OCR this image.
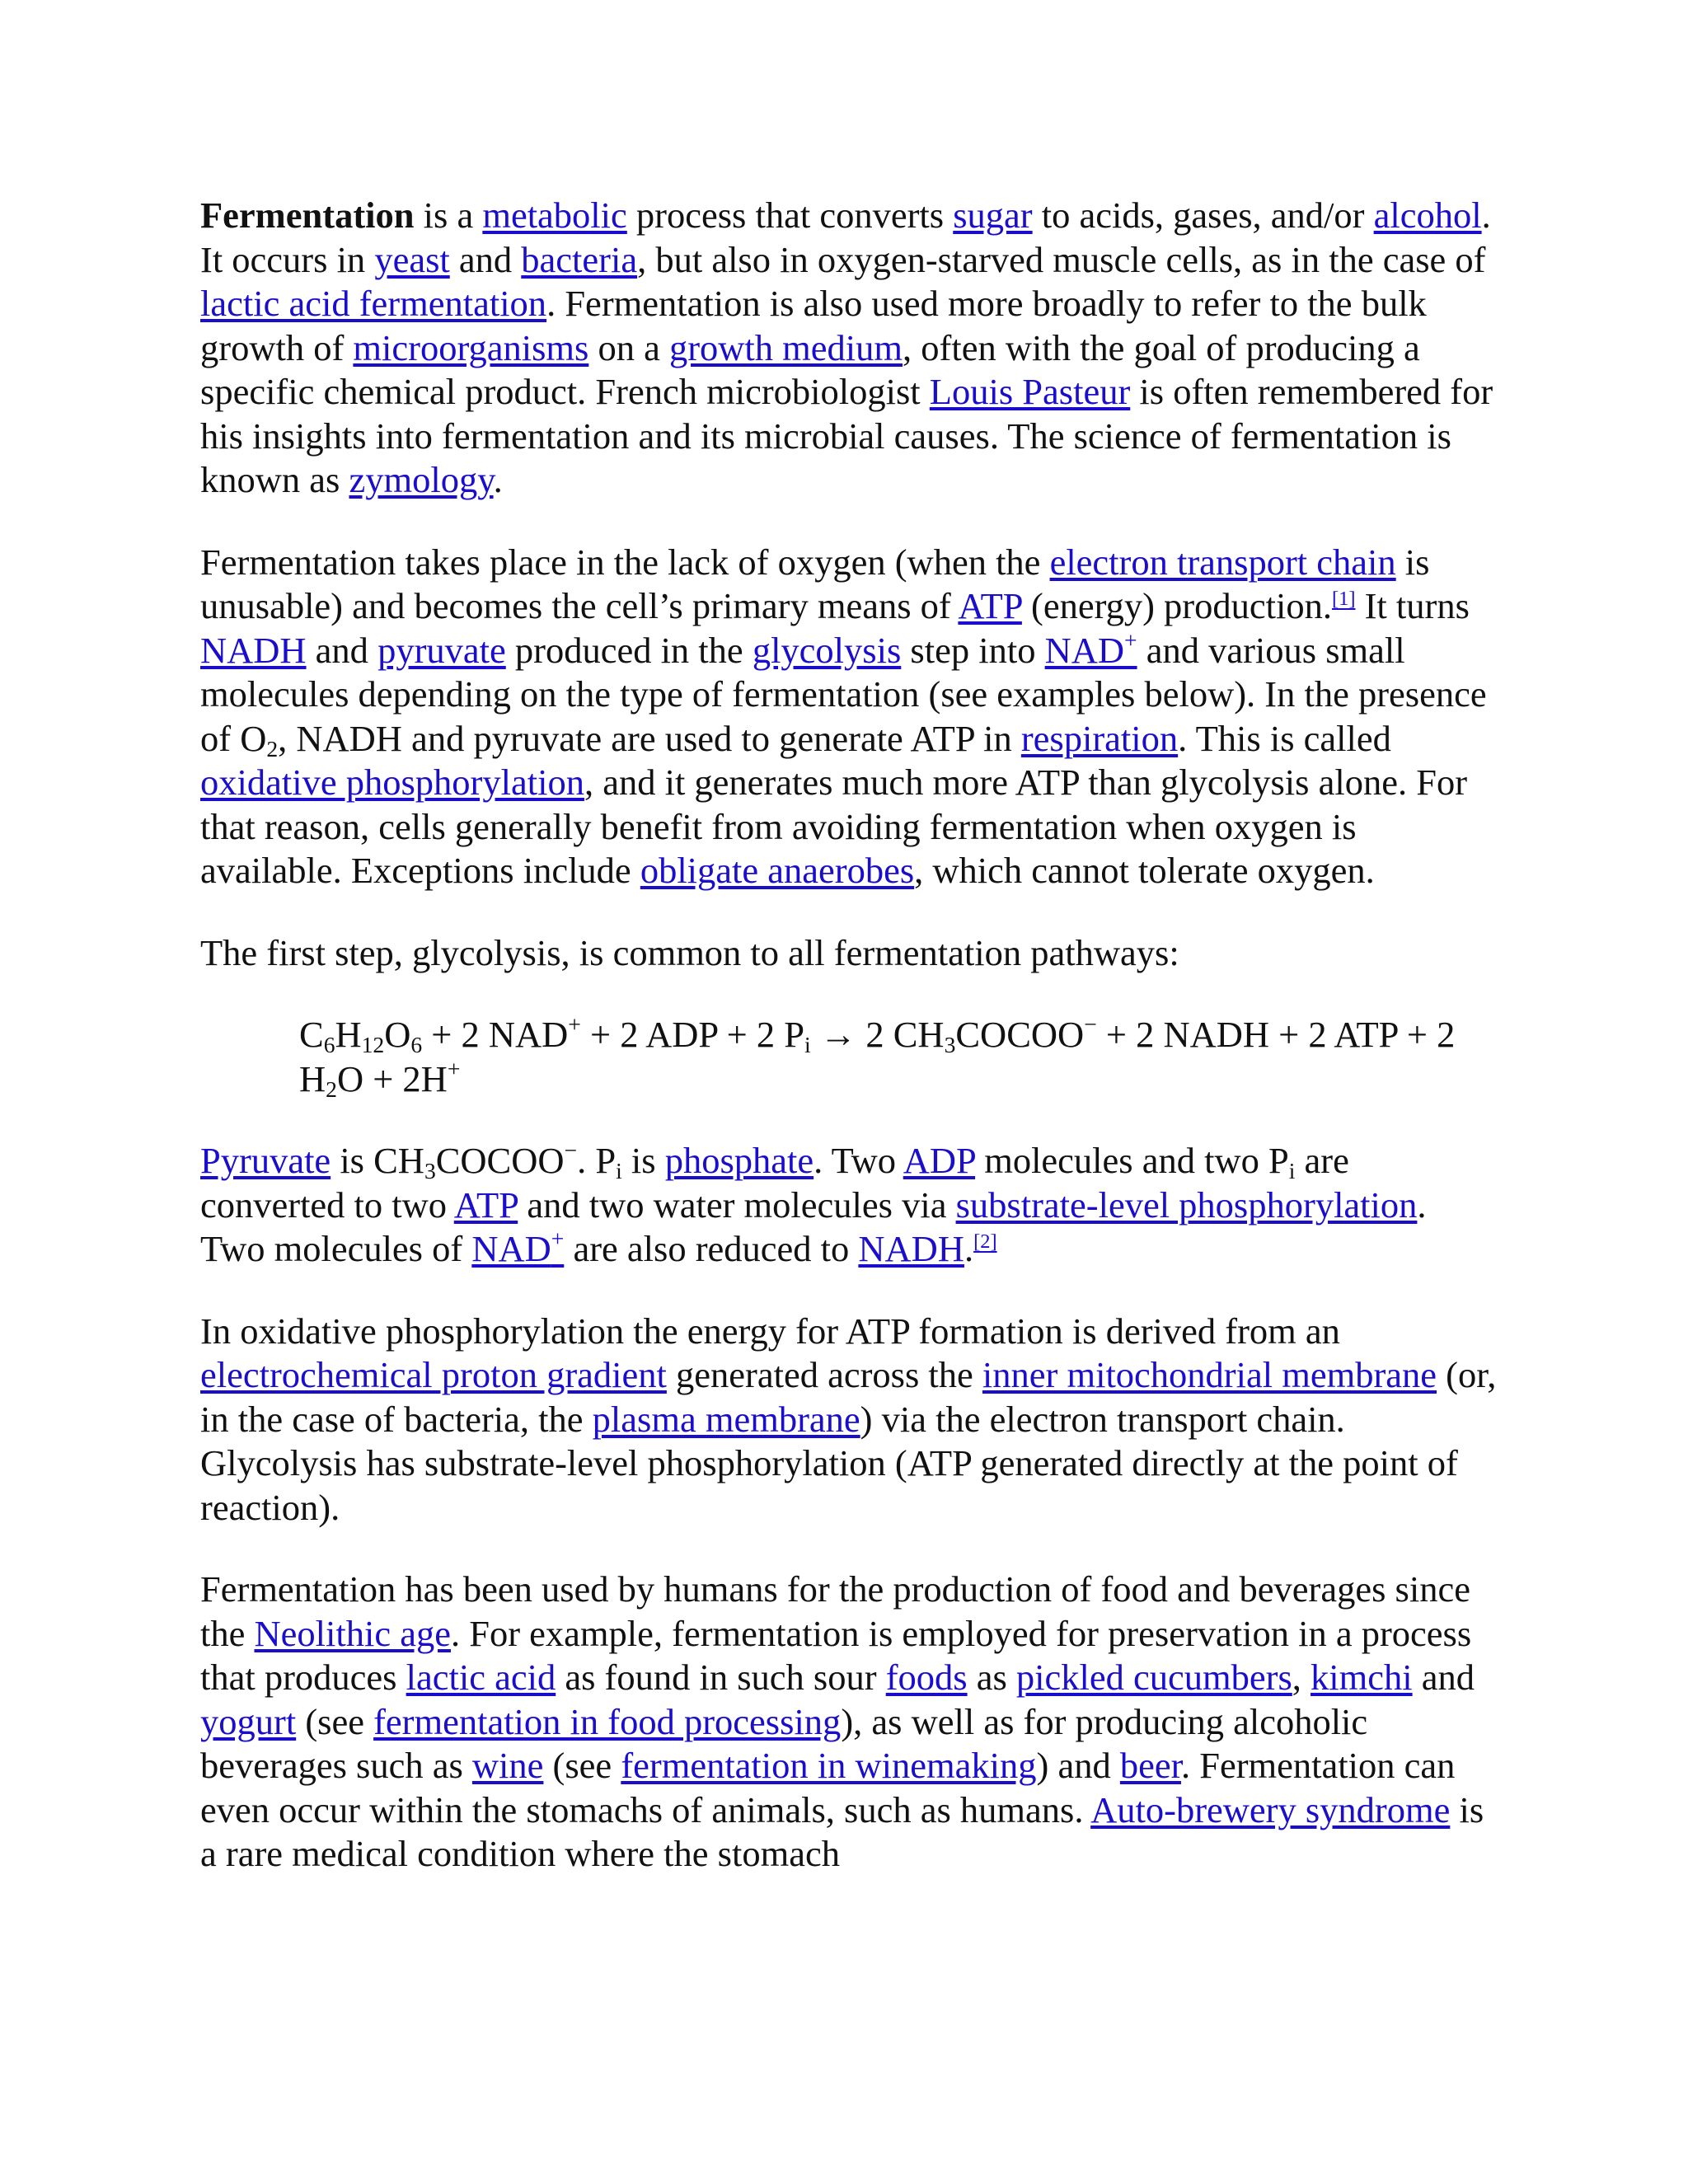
Fermentation is a metabolic process that converts sugar to acids, gases, and/or alcohol. It occurs in yeast and bacteria, but also in oxygen-starved muscle cells, as in the case of lactic acid fermentation. Fermentation is also used more broadly to refer to the bulk growth of microorganisms on a growth medium, often with the goal of producing a specific chemical product. French microbiologist Louis Pasteur is often remembered for his insights into fermentation and its microbial causes. The science of fermentation is known as zymology.

Fermentation takes place in the lack of oxygen (when the electron transport chain is unusable) and becomes the cell’s primary means of ATP (energy) production.[1] It turns NADH and pyruvate produced in the glycolysis step into NAD+ and various small molecules depending on the type of fermentation (see examples below). In the presence of $O_2$, NADH and pyruvate are used to generate ATP in respiration. This is called oxidative phosphorylation, and it generates much more ATP than glycolysis alone. For that reason, cells generally benefit from avoiding fermentation when oxygen is available. Exceptions include obligate anaerobes, which cannot tolerate oxygen.

The first step, glycolysis, is common to all fermentation pathways:

$C_6H_{12}O_6 + 2$ NAD+ + 2 ADP + 2 $P_i \to 2$ $CH_3COCOO^- + 2$ NADH + 2 ATP + 2 $H_2O + 2H^+$

Pyruvate is $CH_3COCOO^-$. $P_i$ is phosphate. Two ADP molecules and two $P_i$ are converted to two ATP and two water molecules via substrate-level phosphorylation. Two molecules of NAD+ are also reduced to NADH.[2]

In oxidative phosphorylation the energy for ATP formation is derived from an electrochemical proton gradient generated across the inner mitochondrial membrane (or, in the case of bacteria, the plasma membrane) via the electron transport chain. Glycolysis has substrate-level phosphorylation (ATP generated directly at the point of reaction).

Fermentation has been used by humans for the production of food and beverages since the Neolithic age. For example, fermentation is employed for preservation in a process that produces lactic acid as found in such sour foods as pickled cucumbers, kimchi and yogurt (see fermentation in food processing), as well as for producing alcoholic beverages such as wine (see fermentation in winemaking) and beer. Fermentation can even occur within the stomachs of animals, such as humans. Auto-brewery syndrome is a rare medical condition where the stomach
